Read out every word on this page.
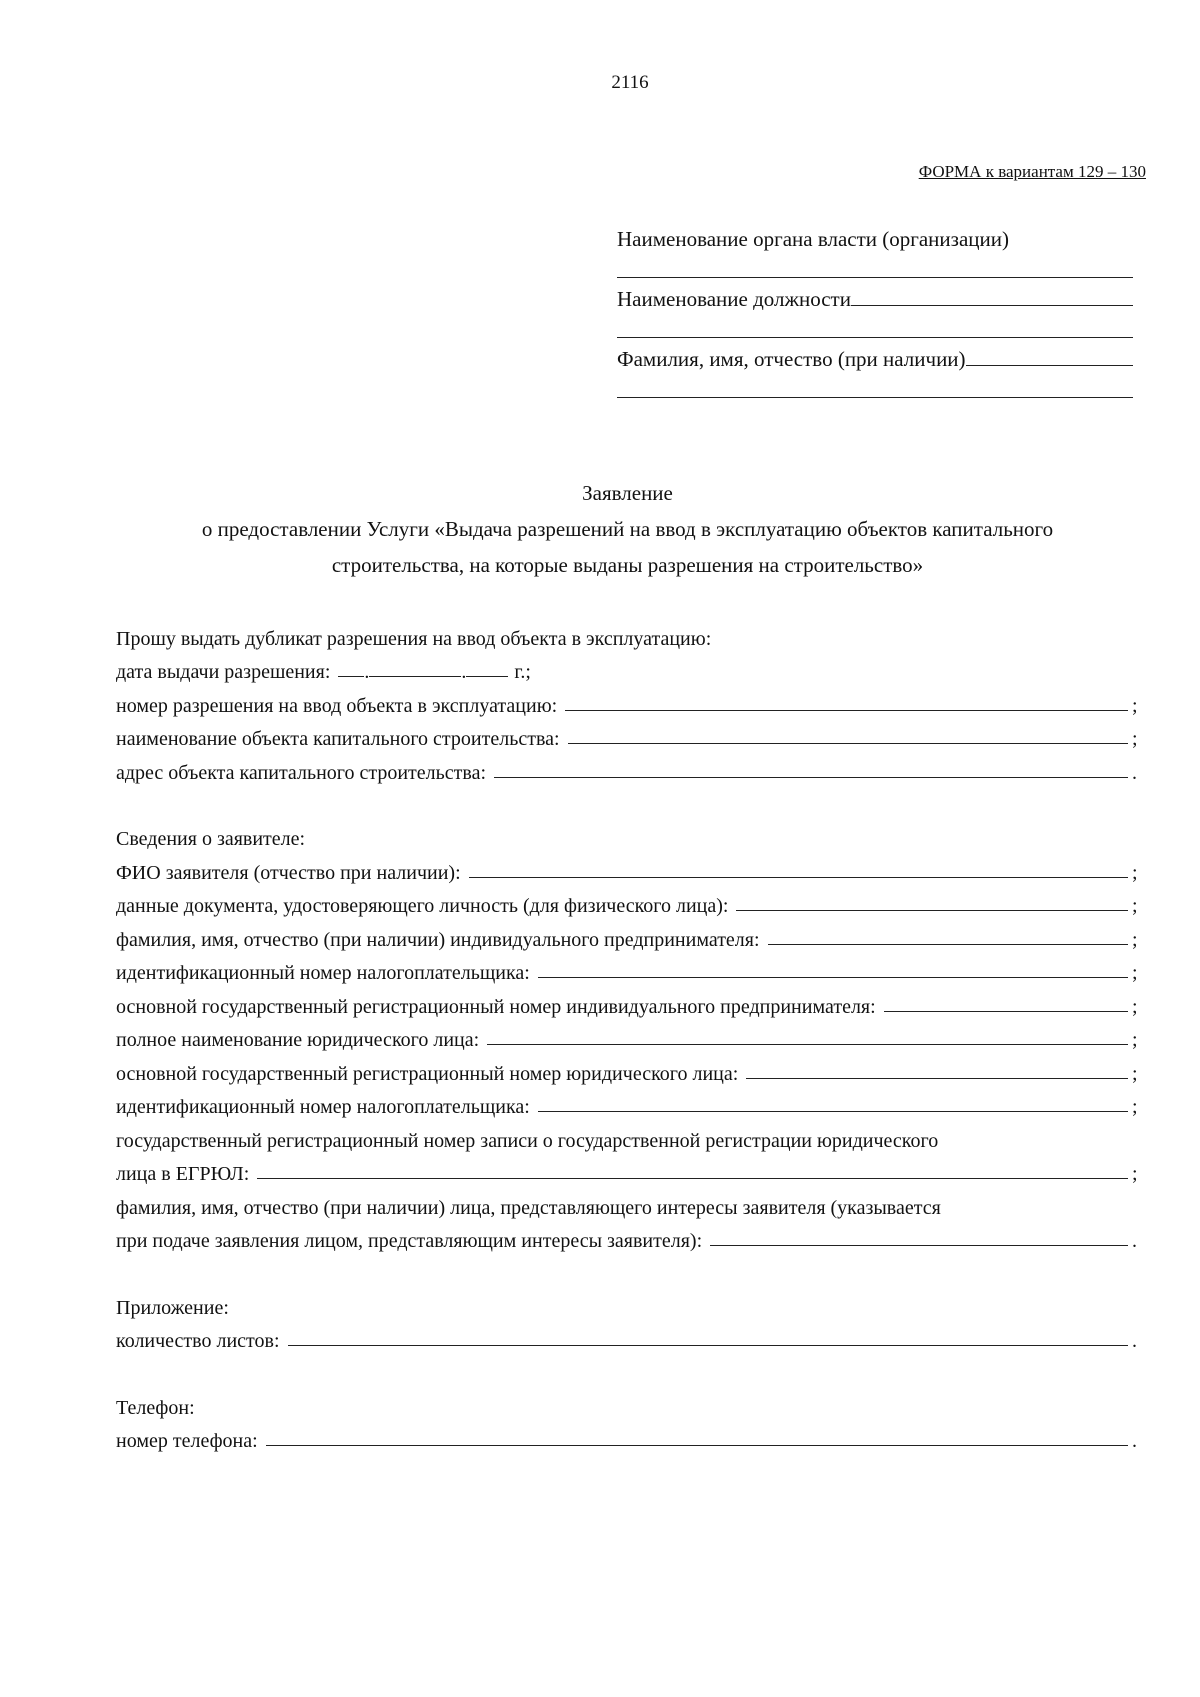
2116
ФОРМА к вариантам 129 – 130
Наименование органа власти (организации)
Наименование должности
Фамилия, имя, отчество (при наличии)
Заявление
о предоставлении Услуги «Выдача разрешений на ввод в эксплуатацию объектов капитального
строительства, на которые выданы разрешения на строительство»
Прошу выдать дубликат разрешения на ввод объекта в эксплуатацию:
дата выдачи разрешения: .	. г.;
номер разрешения на ввод объекта в эксплуатацию:	;
наименование объекта капитального строительства:	;
адрес объекта капитального строительства:	.
Сведения о заявителе:
ФИО заявителя (отчество при наличии):	;
данные документа, удостоверяющего личность (для физического лица):	;
фамилия, имя, отчество (при наличии) индивидуального предпринимателя:	;
идентификационный номер налогоплательщика:	;
основной государственный регистрационный номер индивидуального предпринимателя:	;
полное наименование юридического лица:	;
основной государственный регистрационный номер юридического лица:	;
идентификационный номер налогоплательщика:	;
государственный регистрационный номер записи о государственной регистрации юридического
лица в ЕГРЮЛ:	;
фамилия, имя, отчество (при наличии) лица, представляющего интересы заявителя (указывается
при подаче заявления лицом, представляющим интересы заявителя):	.
Приложение:
количество листов:	.
Телефон:
номер телефона:	.
